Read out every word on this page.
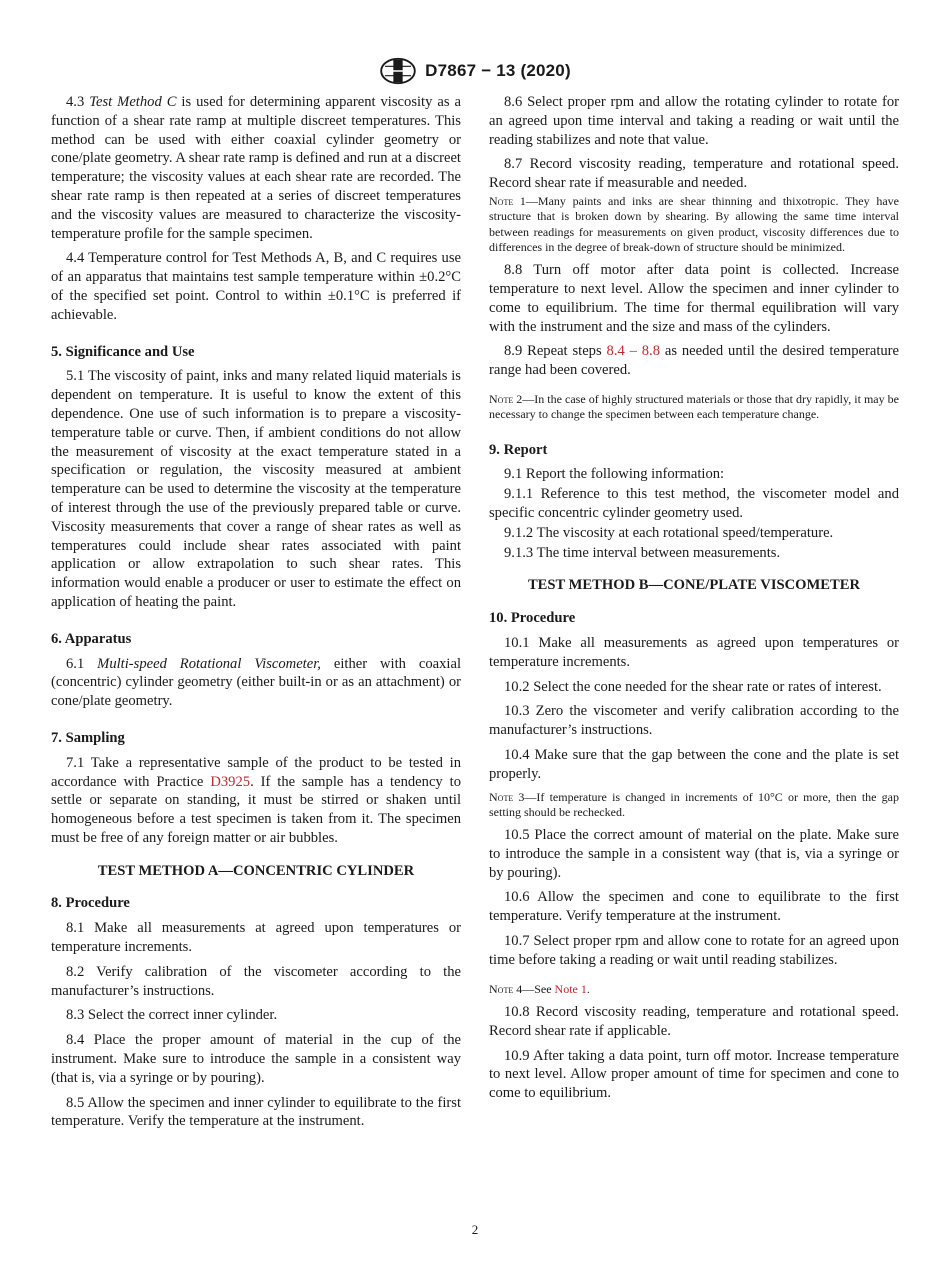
D7867 − 13 (2020)

4.3 Test Method C is used for determining apparent viscosity as a function of a shear rate ramp at multiple discreet temperatures. This method can be used with either coaxial cylinder geometry or cone/plate geometry. A shear rate ramp is defined and run at a discreet temperature; the viscosity values at each shear rate are recorded. The shear rate ramp is then repeated at a series of discreet temperatures and the viscosity values are measured to characterize the viscosity-temperature profile for the sample specimen.

4.4 Temperature control for Test Methods A, B, and C requires use of an apparatus that maintains test sample temperature within ±0.2°C of the specified set point. Control to within ±0.1°C is preferred if achievable.

5. Significance and Use

5.1 The viscosity of paint, inks and many related liquid materials is dependent on temperature. It is useful to know the extent of this dependence. One use of such information is to prepare a viscosity-temperature table or curve. Then, if ambient conditions do not allow the measurement of viscosity at the exact temperature stated in a specification or regulation, the viscosity measured at ambient temperature can be used to determine the viscosity at the temperature of interest through the use of the previously prepared table or curve. Viscosity measurements that cover a range of shear rates as well as temperatures could include shear rates associated with paint application or allow extrapolation to such shear rates. This information would enable a producer or user to estimate the effect on application of heating the paint.

6. Apparatus

6.1 Multi-speed Rotational Viscometer, either with coaxial (concentric) cylinder geometry (either built-in or as an attachment) or cone/plate geometry.

7. Sampling

7.1 Take a representative sample of the product to be tested in accordance with Practice D3925. If the sample has a tendency to settle or separate on standing, it must be stirred or shaken until homogeneous before a test specimen is taken from it. The specimen must be free of any foreign matter or air bubbles.

TEST METHOD A—CONCENTRIC CYLINDER
8. Procedure

8.1 Make all measurements at agreed upon temperatures or temperature increments.

8.2 Verify calibration of the viscometer according to the manufacturer’s instructions.

8.3 Select the correct inner cylinder.

8.4 Place the proper amount of material in the cup of the instrument. Make sure to introduce the sample in a consistent way (that is, via a syringe or by pouring).

8.5 Allow the specimen and inner cylinder to equilibrate to the first temperature. Verify the temperature at the instrument.

8.6 Select proper rpm and allow the rotating cylinder to rotate for an agreed upon time interval and taking a reading or wait until the reading stabilizes and note that value.

8.7 Record viscosity reading, temperature and rotational speed. Record shear rate if measurable and needed.

Note 1—Many paints and inks are shear thinning and thixotropic. They have structure that is broken down by shearing. By allowing the same time interval between readings for measurements on given product, viscosity differences due to differences in the degree of break-down of structure should be minimized.

8.8 Turn off motor after data point is collected. Increase temperature to next level. Allow the specimen and inner cylinder to come to equilibrium. The time for thermal equilibration will vary with the instrument and the size and mass of the cylinders.

8.9 Repeat steps 8.4 – 8.8 as needed until the desired temperature range had been covered.

Note 2—In the case of highly structured materials or those that dry rapidly, it may be necessary to change the specimen between each temperature change.

9. Report

9.1 Report the following information:

9.1.1 Reference to this test method, the viscometer model and specific concentric cylinder geometry used.

9.1.2 The viscosity at each rotational speed/temperature.

9.1.3 The time interval between measurements.

TEST METHOD B—CONE/PLATE VISCOMETER
10. Procedure

10.1 Make all measurements as agreed upon temperatures or temperature increments.

10.2 Select the cone needed for the shear rate or rates of interest.

10.3 Zero the viscometer and verify calibration according to the manufacturer’s instructions.

10.4 Make sure that the gap between the cone and the plate is set properly.

Note 3—If temperature is changed in increments of 10°C or more, then the gap setting should be rechecked.

10.5 Place the correct amount of material on the plate. Make sure to introduce the sample in a consistent way (that is, via a syringe or by pouring).

10.6 Allow the specimen and cone to equilibrate to the first temperature. Verify temperature at the instrument.

10.7 Select proper rpm and allow cone to rotate for an agreed upon time before taking a reading or wait until reading stabilizes.

Note 4—See Note 1.

10.8 Record viscosity reading, temperature and rotational speed. Record shear rate if applicable.

10.9 After taking a data point, turn off motor. Increase temperature to next level. Allow proper amount of time for specimen and cone to come to equilibrium.

2
